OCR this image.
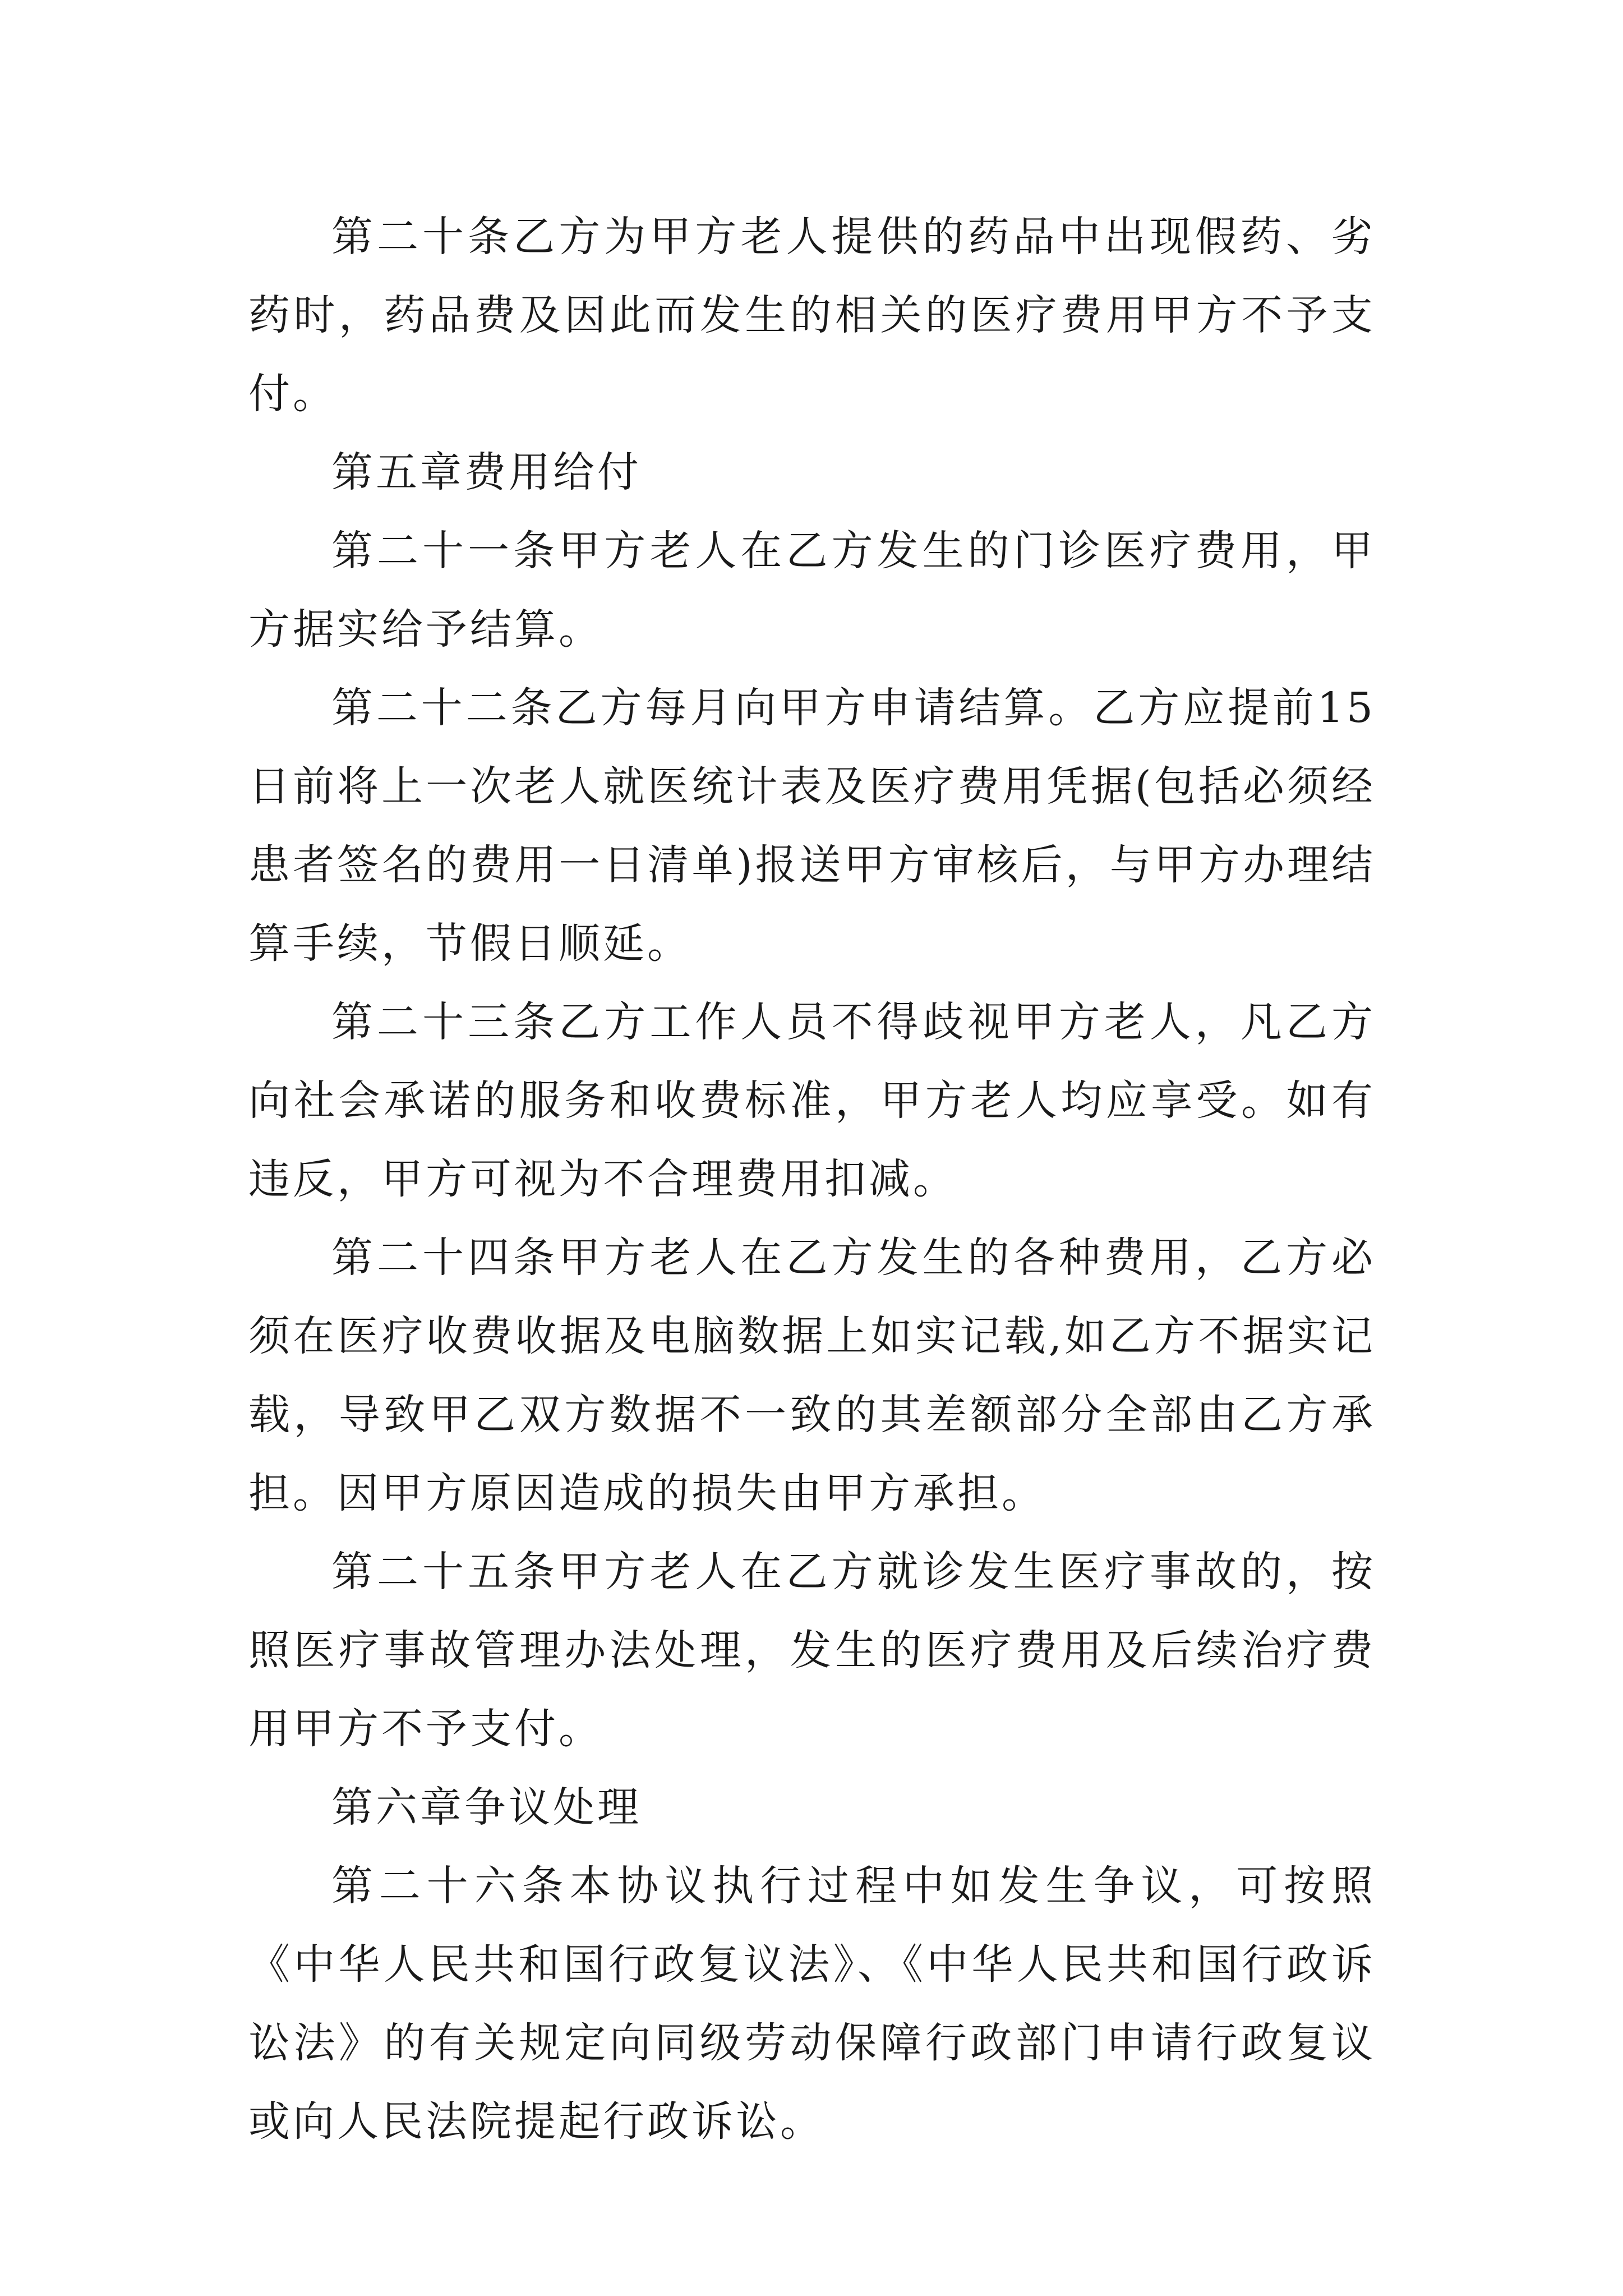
第二十条乙方为甲方老人提供的药品中出现假药、劣药时，药品费及因此而发生的相关的医疗费用甲方不予支付。

第五章费用给付

第二十一条甲方老人在乙方发生的门诊医疗费用，甲方据实给予结算。

第二十二条乙方每月向甲方申请结算。乙方应提前15日前将上一次老人就医统计表及医疗费用凭据(包括必须经患者签名的费用一日清单)报送甲方审核后，与甲方办理结算手续，节假日顺延。

第二十三条乙方工作人员不得歧视甲方老人，凡乙方向社会承诺的服务和收费标准，甲方老人均应享受。如有违反，甲方可视为不合理费用扣减。

第二十四条甲方老人在乙方发生的各种费用，乙方必须在医疗收费收据及电脑数据上如实记载,如乙方不据实记载，导致甲乙双方数据不一致的其差额部分全部由乙方承担。因甲方原因造成的损失由甲方承担。

第二十五条甲方老人在乙方就诊发生医疗事故的，按照医疗事故管理办法处理，发生的医疗费用及后续治疗费用甲方不予支付。

第六章争议处理

第二十六条本协议执行过程中如发生争议，可按照《中华人民共和国行政复议法》、《中华人民共和国行政诉讼法》的有关规定向同级劳动保障行政部门申请行政复议或向人民法院提起行政诉讼。
